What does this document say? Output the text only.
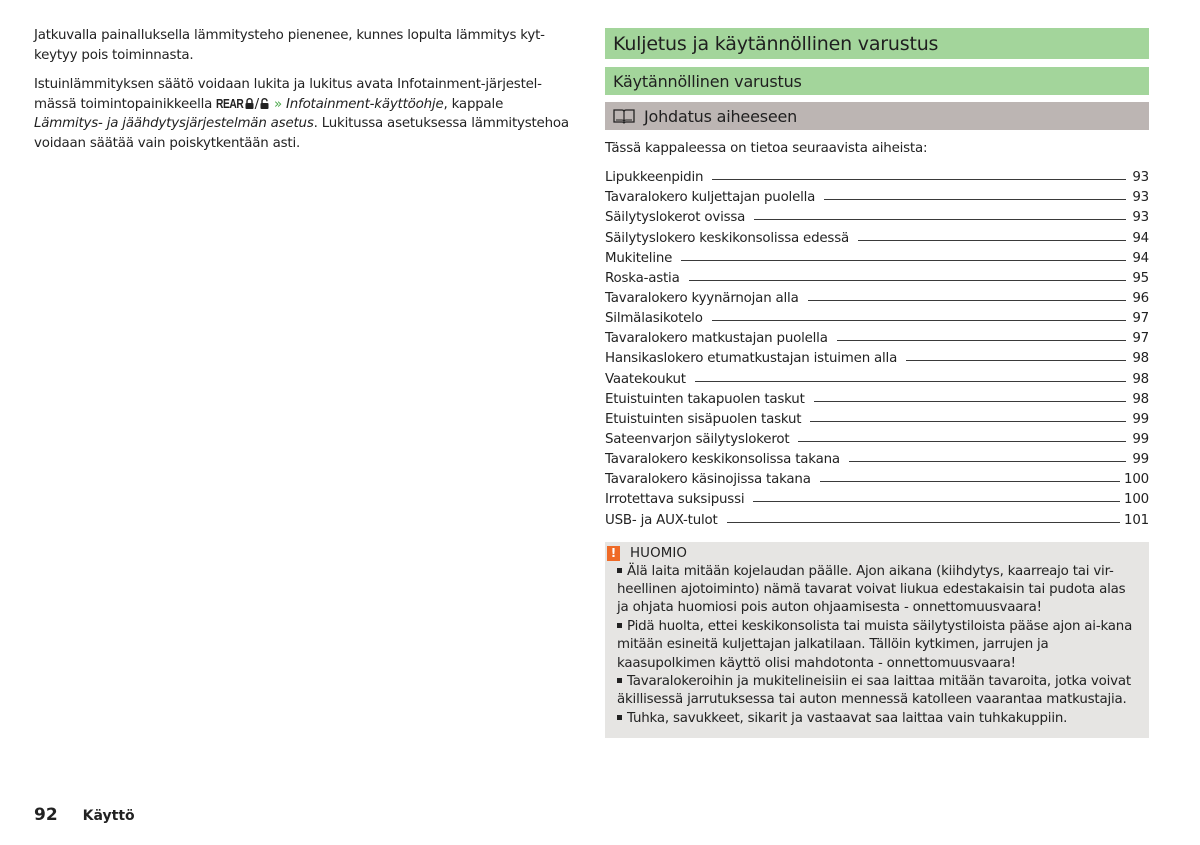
Jatkuvalla painalluksella lämmitysteho pienenee, kunnes lopulta lämmitys kyt-keytyy pois toiminnasta.

Istuinlämmityksen säätö voidaan lukita ja lukitus avata Infotainment-järjestel-mässä toimintopainikkeella REAR / » Infotainment-käyttöohje, kappale Lämmitys- ja jäähdytysjärjestelmän asetus. Lukitussa asetuksessa lämmitystehoa voidaan säätää vain poiskytkentään asti.

Kuljetus ja käytännöllinen varustus
Käytännöllinen varustus
Johdatus aiheeseen
Tässä kappaleessa on tietoa seuraavista aiheista:
Lipukkeenpidin	93
Tavaralokero kuljettajan puolella	93
Säilytyslokerot ovissa	93
Säilytyslokero keskikonsolissa edessä	94
Mukiteline	94
Roska-astia	95
Tavaralokero kyynärnojan alla	96
Silmälasikotelo	97
Tavaralokero matkustajan puolella	97
Hansikaslokero etumatkustajan istuimen alla	98
Vaatekoukut	98
Etuistuinten takapuolen taskut	98
Etuistuinten sisäpuolen taskut	99
Sateenvarjon säilytyslokerot	99
Tavaralokero keskikonsolissa takana	99
Tavaralokero käsinojissa takana	100
Irrotettava suksipussi	100
USB- ja AUX-tulot	101
! HUOMIO
Älä laita mitään kojelaudan päälle. Ajon aikana (kiihdytys, kaarreajo tai vir-heellinen ajotoiminto) nämä tavarat voivat liukua edestakaisin tai pudota alas ja ohjata huomiosi pois auton ohjaamisesta - onnettomuusvaara!
Pidä huolta, ettei keskikonsolista tai muista säilytystiloista pääse ajon ai-kana mitään esineitä kuljettajan jalkatilaan. Tällöin kytkimen, jarrujen ja kaasupolkimen käyttö olisi mahdotonta - onnettomuusvaara!
Tavaralokeroihin ja mukitelineisiin ei saa laittaa mitään tavaroita, jotka voivat äkillisessä jarrutuksessa tai auton mennessä katolleen vaarantaa matkustajia.
Tuhka, savukkeet, sikarit ja vastaavat saa laittaa vain tuhkakuppiin.
92 Käyttö
